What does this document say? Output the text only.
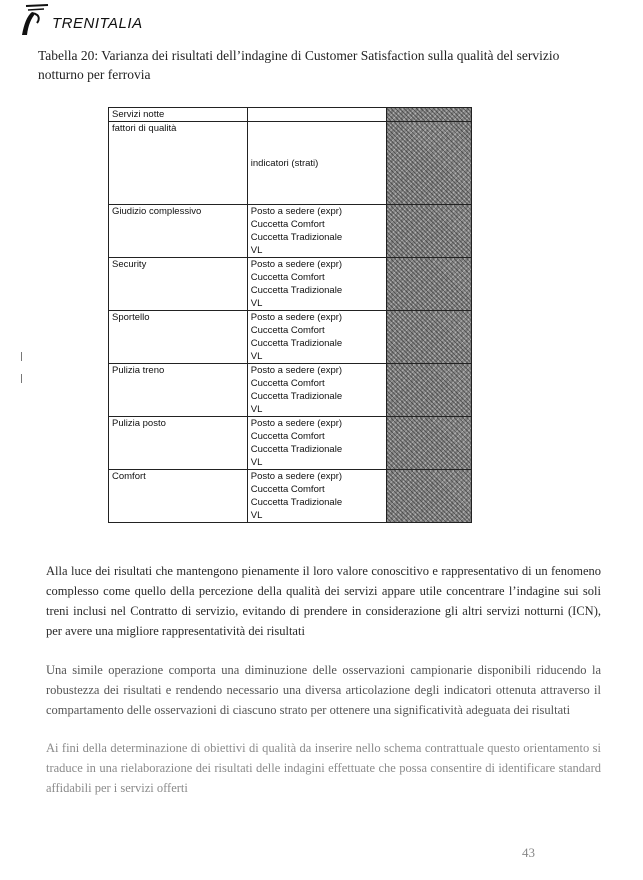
TRENITALIA
Tabella 20: Varianza dei risultati dell’indagine di Customer Satisfaction sulla qualità del servizio notturno per ferrovia
Servizi notte		
fattori di qualità	indicatori (strati)	
Giudizio complessivo	Posto a sedere (expr)
Cuccetta Comfort
Cuccetta Tradizionale
VL	

Security	Posto a sedere (expr)
Cuccetta Comfort
Cuccetta Tradizionale
VL	

Sportello	Posto a sedere (expr)
Cuccetta Comfort
Cuccetta Tradizionale
VL	

Pulizia treno	Posto a sedere (expr)
Cuccetta Comfort
Cuccetta Tradizionale
VL	

Pulizia posto	Posto a sedere (expr)
Cuccetta Comfort
Cuccetta Tradizionale
VL	

Comfort	Posto a sedere (expr)
Cuccetta Comfort
Cuccetta Tradizionale
VL	

Alla luce dei risultati che mantengono pienamente il loro valore conoscitivo e rappresentativo di un fenomeno complesso come quello della percezione della qualità dei servizi appare utile concentrare l’indagine sui soli treni inclusi nel Contratto di servizio, evitando di prendere in considerazione gli altri servizi notturni (ICN), per avere una migliore rappresentatività dei risultati
Una simile operazione comporta una diminuzione delle osservazioni campionarie disponibili riducendo la robustezza dei risultati e rendendo necessario una diversa articolazione degli indicatori ottenuta attraverso il compartamento delle osservazioni di ciascuno strato per ottenere una significatività adeguata dei risultati
Ai fini della determinazione di obiettivi di qualità da inserire nello schema contrattuale questo orientamento si traduce in una rielaborazione dei risultati delle indagini effettuate che possa consentire di identificare standard affidabili per i servizi offerti
43
